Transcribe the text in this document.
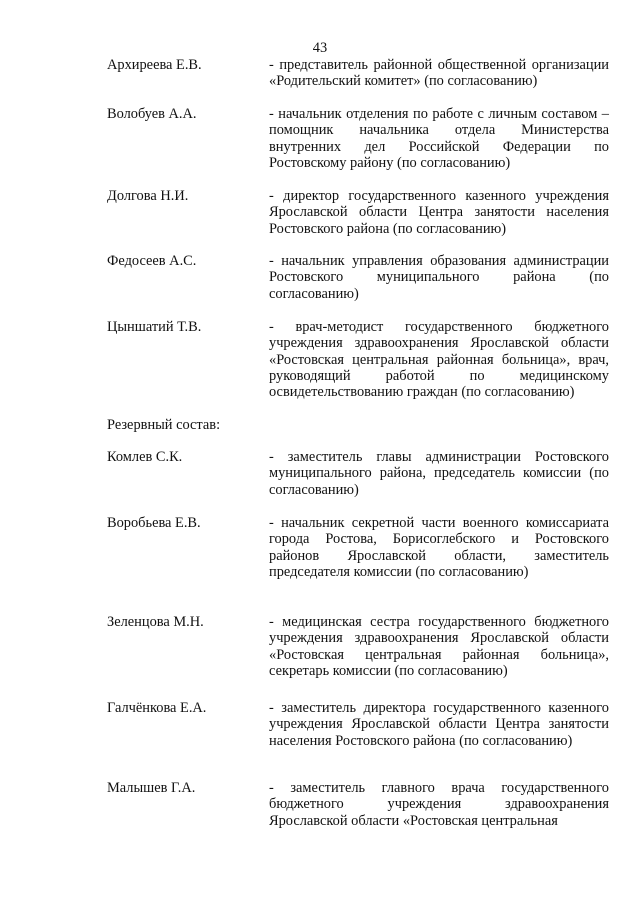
43
Архиреева Е.В.	- представитель районной общественной организации «Родительский комитет» (по согласованию)
Волобуев А.А.	- начальник отделения по работе с личным составом – помощник начальника отдела Министерства внутренних дел Российской Федерации по Ростовскому району (по согласованию)
Долгова Н.И.	- директор государственного казенного учреждения Ярославской области Центра занятости населения Ростовского района (по согласованию)
Федосеев А.С.	- начальник управления образования администрации Ростовского муниципального района (по согласованию)
Цыншатий Т.В.	- врач-методист государственного бюджетного учреждения здравоохранения Ярославской области «Ростовская центральная районная больница», врач, руководящий работой по медицинскому освидетельствованию граждан (по согласованию)
Резервный состав:
Комлев С.К.	- заместитель главы администрации Ростовского муниципального района, председатель комиссии (по согласованию)
Воробьева Е.В.	- начальник секретной части военного комиссариата города Ростова, Борисоглебского и Ростовского районов Ярославской области, заместитель председателя комиссии (по согласованию)
Зеленцова М.Н.	- медицинская сестра государственного бюджетного учреждения здравоохранения Ярославской области «Ростовская центральная районная больница», секретарь комиссии (по согласованию)
Галчёнкова Е.А.	- заместитель директора государственного казенного учреждения Ярославской области Центра занятости населения Ростовского района (по согласованию)
Малышев Г.А.	- заместитель главного врача государственного бюджетного учреждения здравоохранения Ярославской области «Ростовская центральная
